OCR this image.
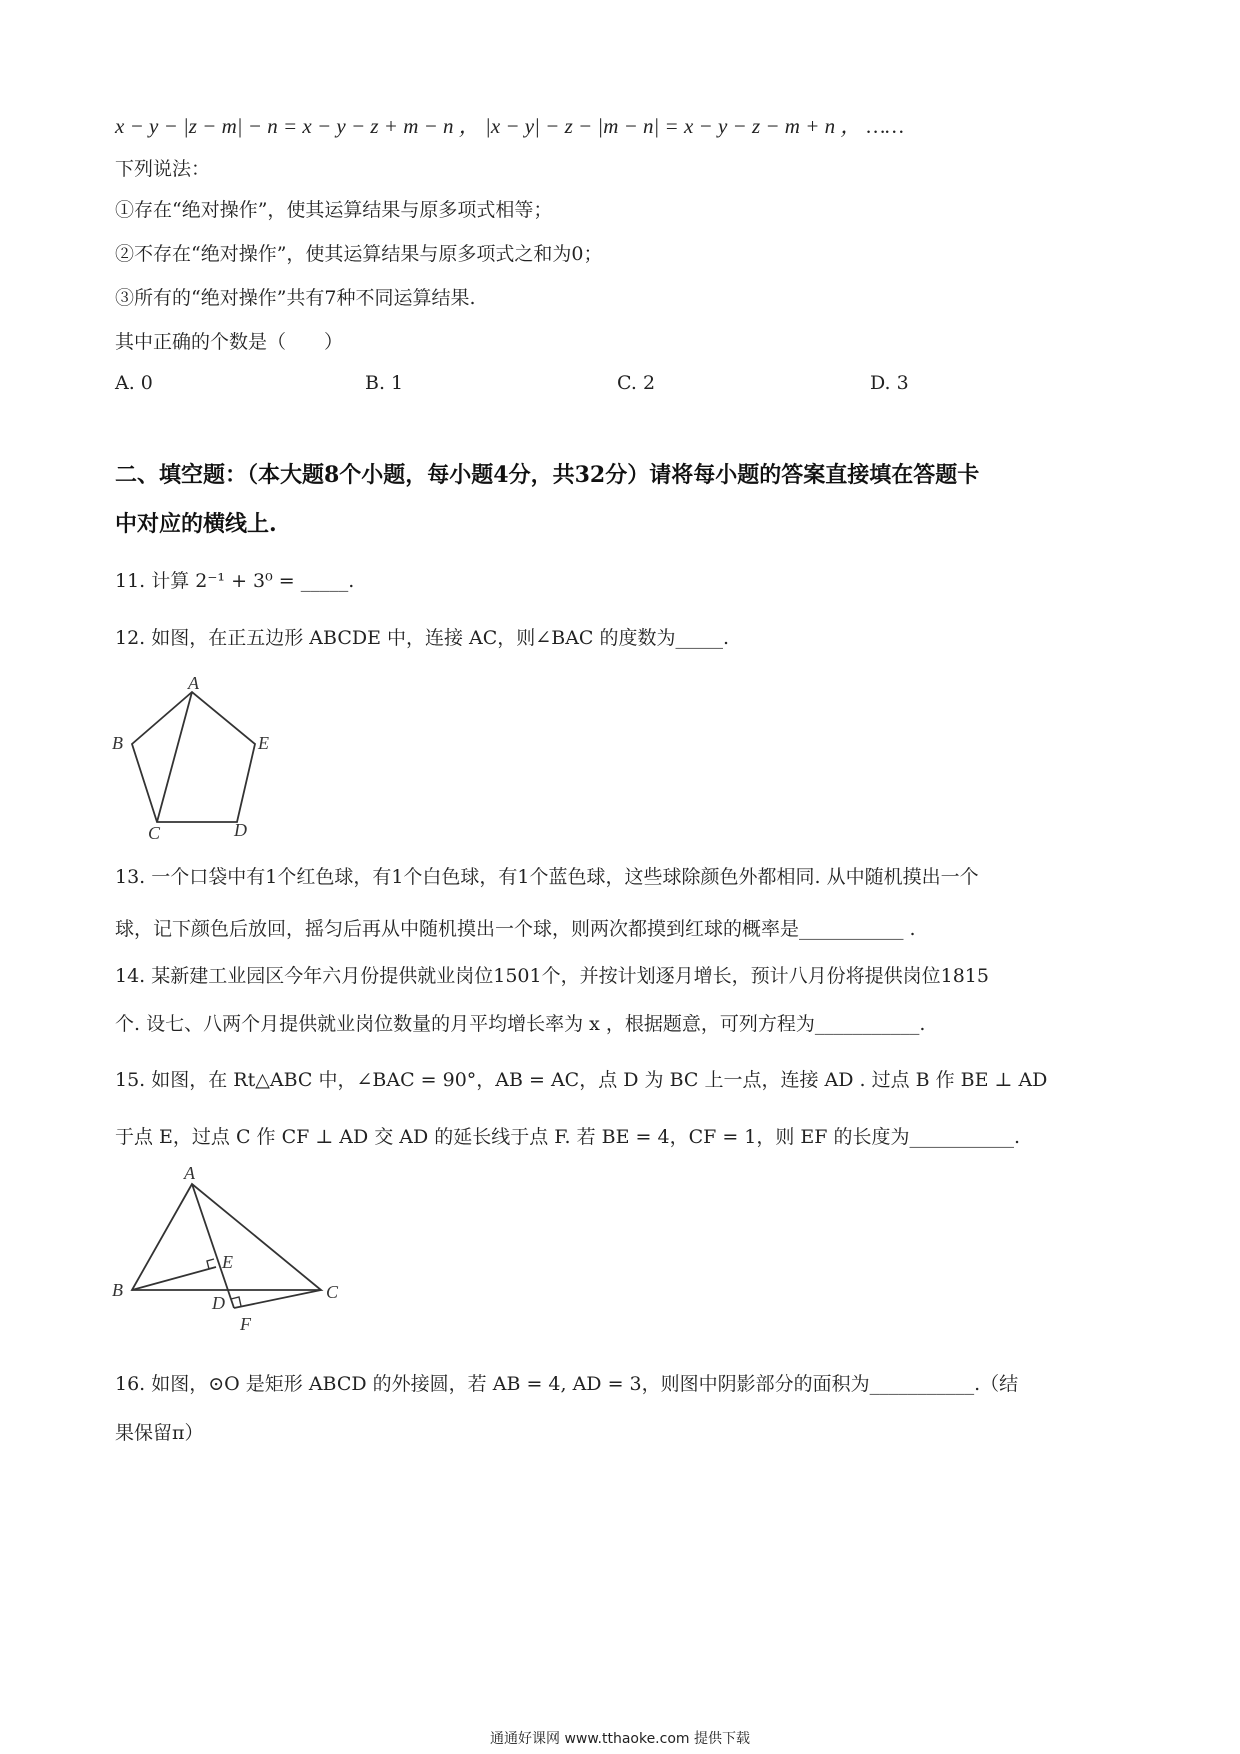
x − y − |z − m| − n = x − y − z + m − n ， |x − y| − z − |m − n| = x − y − z − m + n ， ……
下列说法：
①存在“绝对操作”，使其运算结果与原多项式相等；
②不存在“绝对操作”，使其运算结果与原多项式之和为0；
③所有的“绝对操作”共有7种不同运算结果.
其中正确的个数是（　　）
A. 0	B. 1	C. 2	D. 3
二、填空题：（本大题8个小题，每小题4分，共32分）请将每小题的答案直接填在答题卡
中对应的横线上.
11. 计算 2⁻¹ + 3⁰ = _____.
12. 如图，在正五边形 ABCDE 中，连接 AC，则∠BAC 的度数为_____.
A
B
C	D
E
13. 一个口袋中有1个红色球，有1个白色球，有1个蓝色球，这些球除颜色外都相同. 从中随机摸出一个
球，记下颜色后放回，摇匀后再从中随机摸出一个球，则两次都摸到红球的概率是___________ .
14. 某新建工业园区今年六月份提供就业岗位1501个，并按计划逐月增长，预计八月份将提供岗位1815
个. 设七、八两个月提供就业岗位数量的月平均增长率为 x ，根据题意，可列方程为___________.
15. 如图，在 Rt△ABC 中，∠BAC = 90°，AB = AC，点 D 为 BC 上一点，连接 AD . 过点 B 作 BE ⊥ AD
于点 E，过点 C 作 CF ⊥ AD 交 AD 的延长线于点 F. 若 BE = 4，CF = 1，则 EF 的长度为___________.
A
B	C
D
E
F
16. 如图，⊙O 是矩形 ABCD 的外接圆，若 AB = 4, AD = 3，则图中阴影部分的面积为___________.（结
果保留π）
通通好课网 www.tthaoke.com 提供下载
